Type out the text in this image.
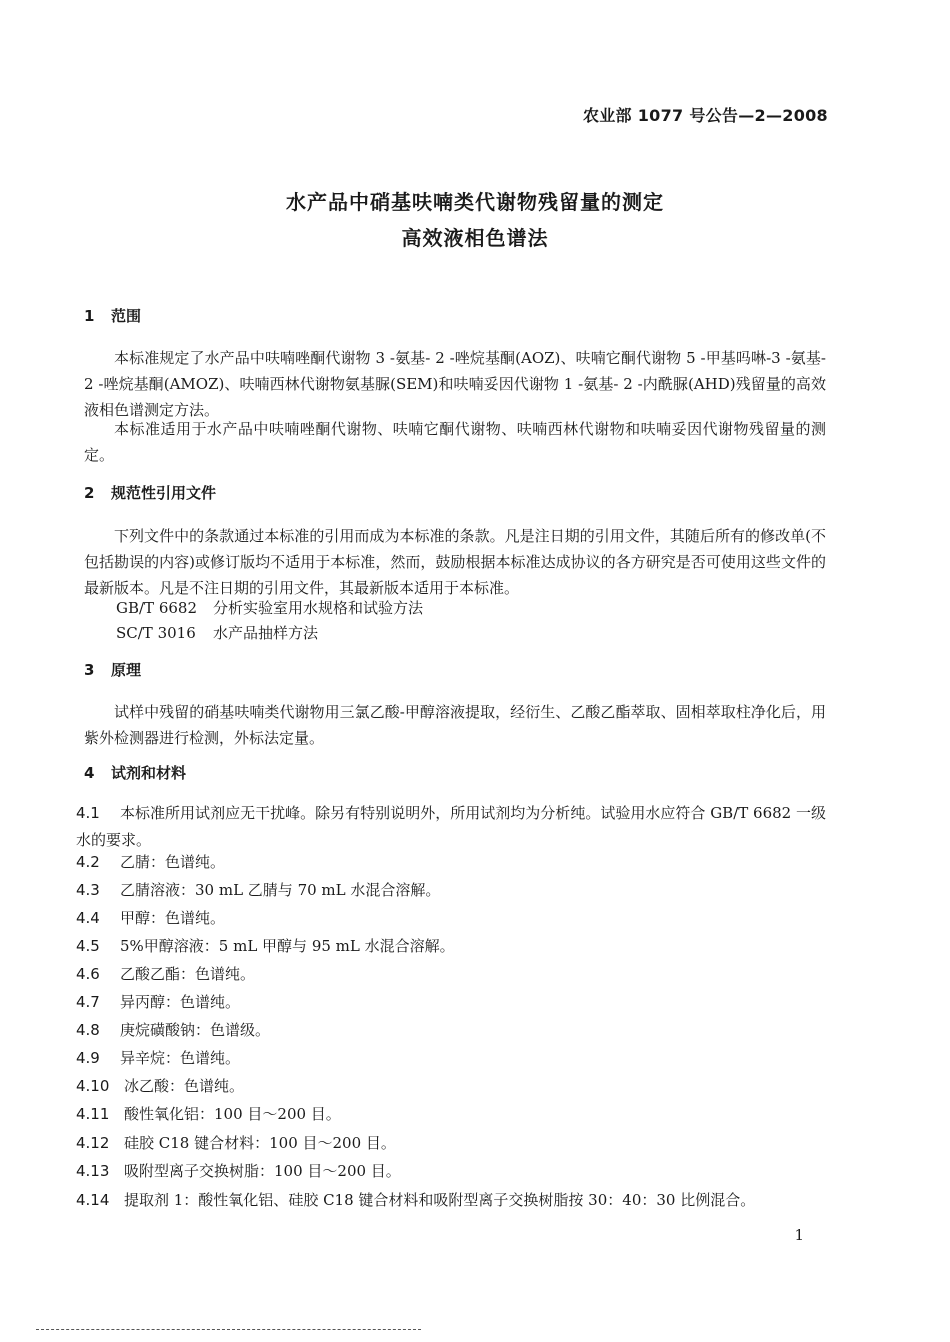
农业部 1077 号公告—2—2008
水产品中硝基呋喃类代谢物残留量的测定
高效液相色谱法
1 范围
本标准规定了水产品中呋喃唑酮代谢物 3 -氨基- 2 -唑烷基酮(AOZ)、呋喃它酮代谢物 5 -甲基吗啉-3 -氨基- 2 -唑烷基酮(AMOZ)、呋喃西林代谢物氨基脲(SEM)和呋喃妥因代谢物 1 -氨基- 2 -内酰脲(AHD)残留量的高效液相色谱测定方法。
本标准适用于水产品中呋喃唑酮代谢物、呋喃它酮代谢物、呋喃西林代谢物和呋喃妥因代谢物残留量的测定。
2 规范性引用文件
下列文件中的条款通过本标准的引用而成为本标准的条款。凡是注日期的引用文件，其随后所有的修改单(不包括勘误的内容)或修订版均不适用于本标准，然而，鼓励根据本标准达成协议的各方研究是否可使用这些文件的最新版本。凡是不注日期的引用文件，其最新版本适用于本标准。
GB/T 6682 分析实验室用水规格和试验方法
SC/T 3016 水产品抽样方法
3 原理
试样中残留的硝基呋喃类代谢物用三氯乙酸-甲醇溶液提取，经衍生、乙酸乙酯萃取、固相萃取柱净化后，用紫外检测器进行检测，外标法定量。
4 试剂和材料
4.1 本标准所用试剂应无干扰峰。除另有特别说明外，所用试剂均为分析纯。试验用水应符合 GB/T 6682 一级水的要求。
4.2 乙腈：色谱纯。
4.3 乙腈溶液：30 mL 乙腈与 70 mL 水混合溶解。
4.4 甲醇：色谱纯。
4.5 5%甲醇溶液：5 mL 甲醇与 95 mL 水混合溶解。
4.6 乙酸乙酯：色谱纯。
4.7 异丙醇：色谱纯。
4.8 庚烷磺酸钠：色谱级。
4.9 异辛烷：色谱纯。
4.10 冰乙酸：色谱纯。
4.11 酸性氧化铝：100 目～200 目。
4.12 硅胶 C18 键合材料：100 目～200 目。
4.13 吸附型离子交换树脂：100 目～200 目。
4.14 提取剂 1：酸性氧化铝、硅胶 C18 键合材料和吸附型离子交换树脂按 30：40：30 比例混合。
1
